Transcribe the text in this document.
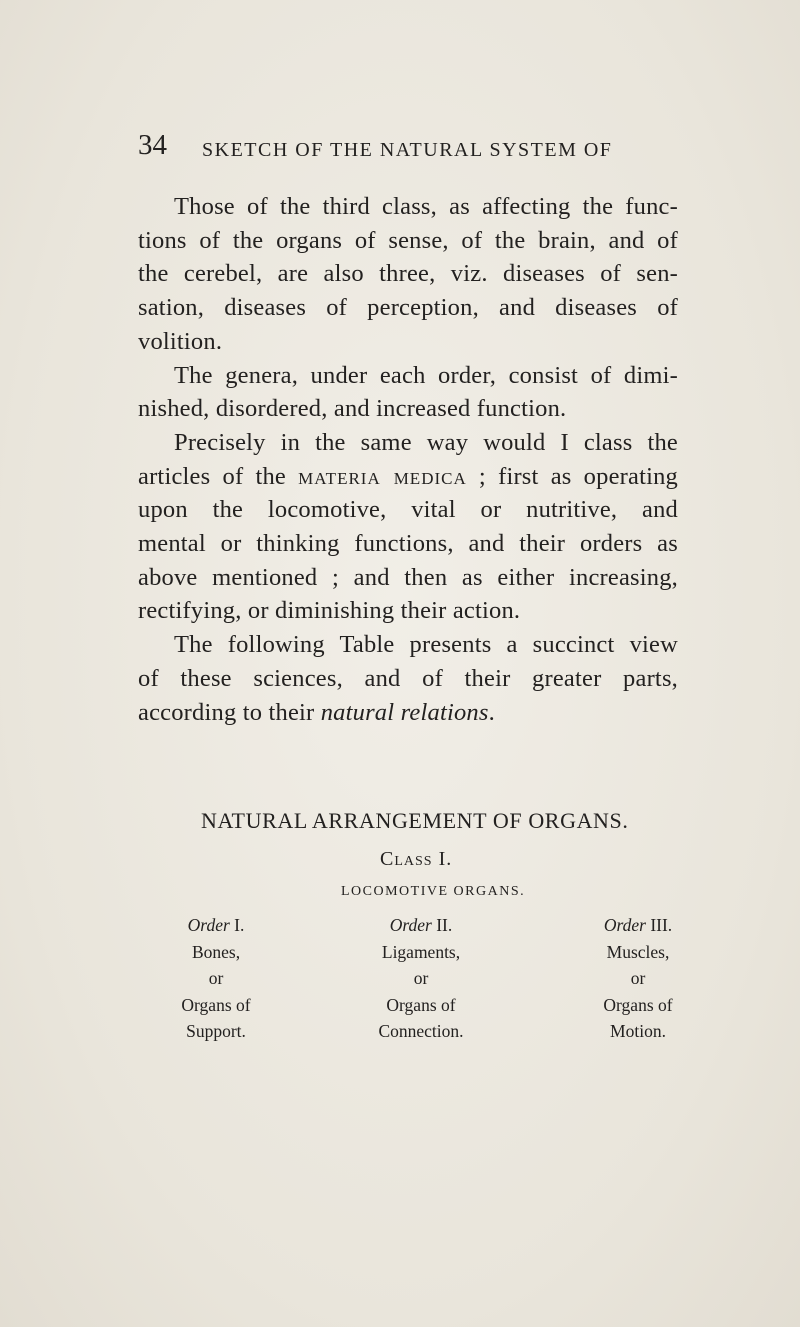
34 SKETCH OF THE NATURAL SYSTEM OF

Those of the third class, as affecting the func-
tions of the organs of sense, of the brain, and of
the cerebel, are also three, viz. diseases of sen-
sation, diseases of perception, and diseases of
volition.

The genera, under each order, consist of dimi-
nished, disordered, and increased function.

Precisely in the same way would I class the
articles of the materia medica ; first as operating
upon the locomotive, vital or nutritive, and
mental or thinking functions, and their orders as
above mentioned ; and then as either increasing,
rectifying, or diminishing their action.

The following Table presents a succinct view
of these sciences, and of their greater parts,
according to their natural relations.

NATURAL ARRANGEMENT OF ORGANS.
Class I.
LOCOMOTIVE ORGANS.
Order I.
Bones,
or
Organs of
Support.
Order II.
Ligaments,
or
Organs of
Connection.
Order III.
Muscles,
or
Organs of
Motion.
